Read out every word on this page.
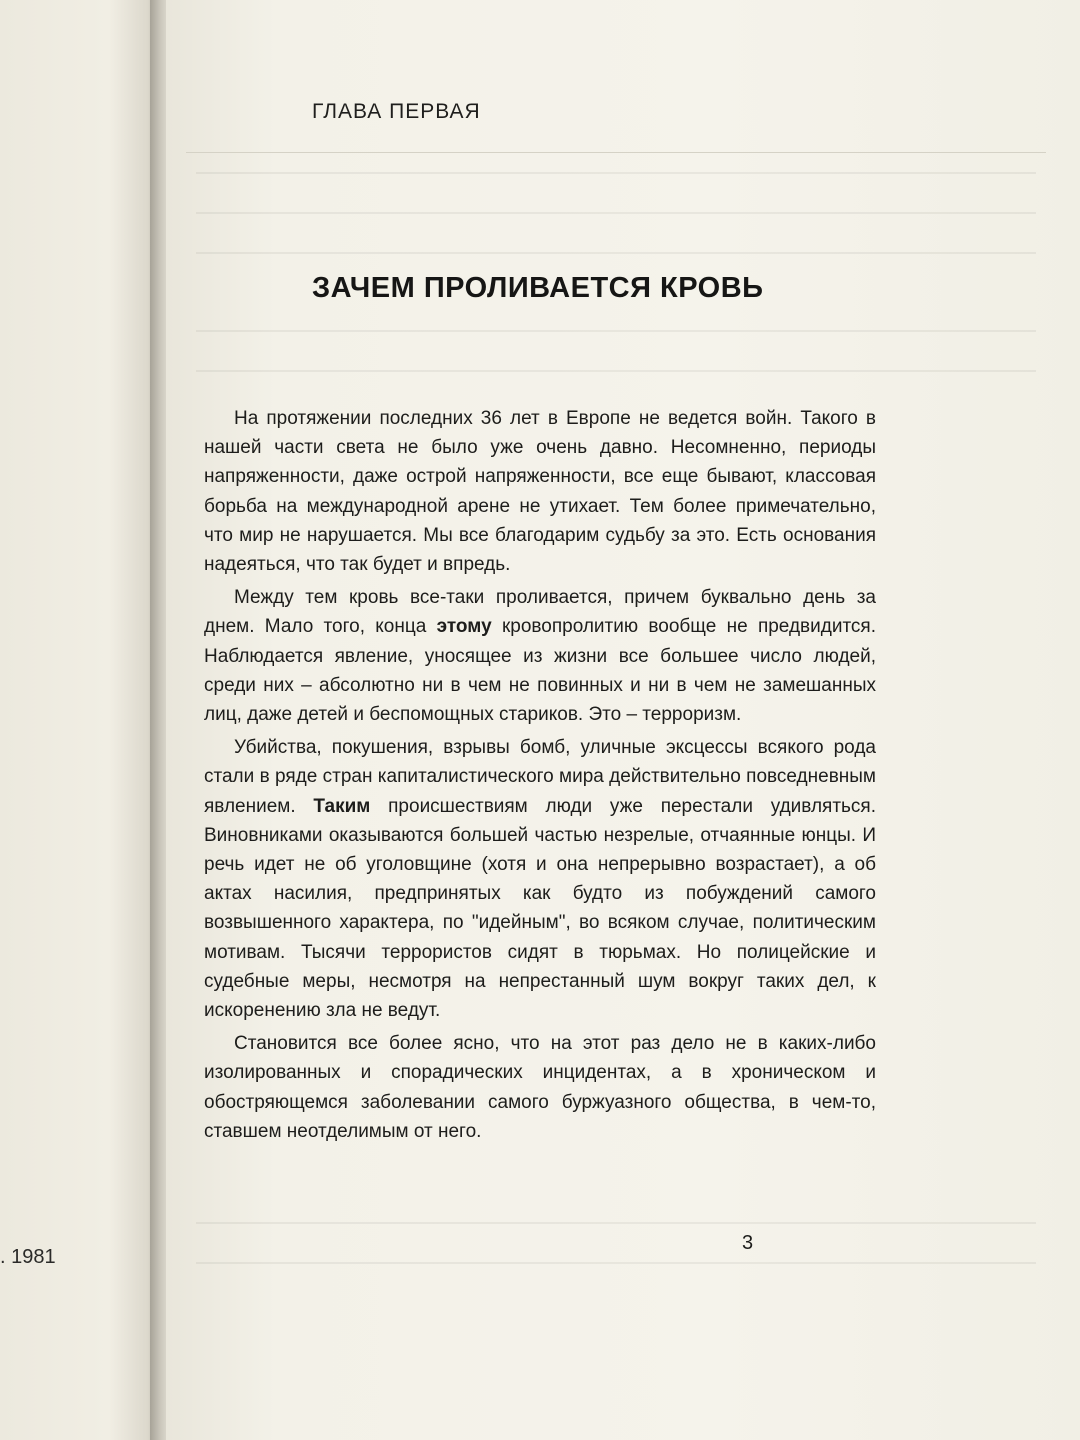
. 1981
ГЛАВА ПЕРВАЯ
ЗАЧЕМ ПРОЛИВАЕТСЯ КРОВЬ

На протяжении последних 36 лет в Европе не ведется войн. Такого в нашей части света не было уже очень давно. Несомненно, периоды напряженности, даже острой напряженности, все еще бывают, классовая борьба на международной арене не утихает. Тем более примечательно, что мир не нарушается. Мы все благодарим судьбу за это. Есть основания надеяться, что так будет и впредь.

Между тем кровь все-таки проливается, причем буквально день за днем. Мало того, конца этому кровопролитию вообще не предвидится. Наблюдается явление, уносящее из жизни все большее число людей, среди них – абсолютно ни в чем не повинных и ни в чем не замешанных лиц, даже детей и беспомощных стариков. Это – терроризм.

Убийства, покушения, взрывы бомб, уличные эксцессы всякого рода стали в ряде стран капиталистического мира действительно повседневным явлением. Таким происшествиям люди уже перестали удивляться. Виновниками оказываются большей частью незрелые, отчаянные юнцы. И речь идет не об уголовщине (хотя и она непрерывно возрастает), а об актах насилия, предпринятых как будто из побуждений самого возвышенного характера, по "идейным", во всяком случае, политическим мотивам. Тысячи террористов сидят в тюрьмах. Но полицейские и судебные меры, несмотря на непрестанный шум вокруг таких дел, к искоренению зла не ведут.

Становится все более ясно, что на этот раз дело не в каких-либо изолированных и спорадических инцидентах, а в хроническом и обостряющемся заболевании самого буржуазного общества, в чем-то, ставшем неотделимым от него.

3
